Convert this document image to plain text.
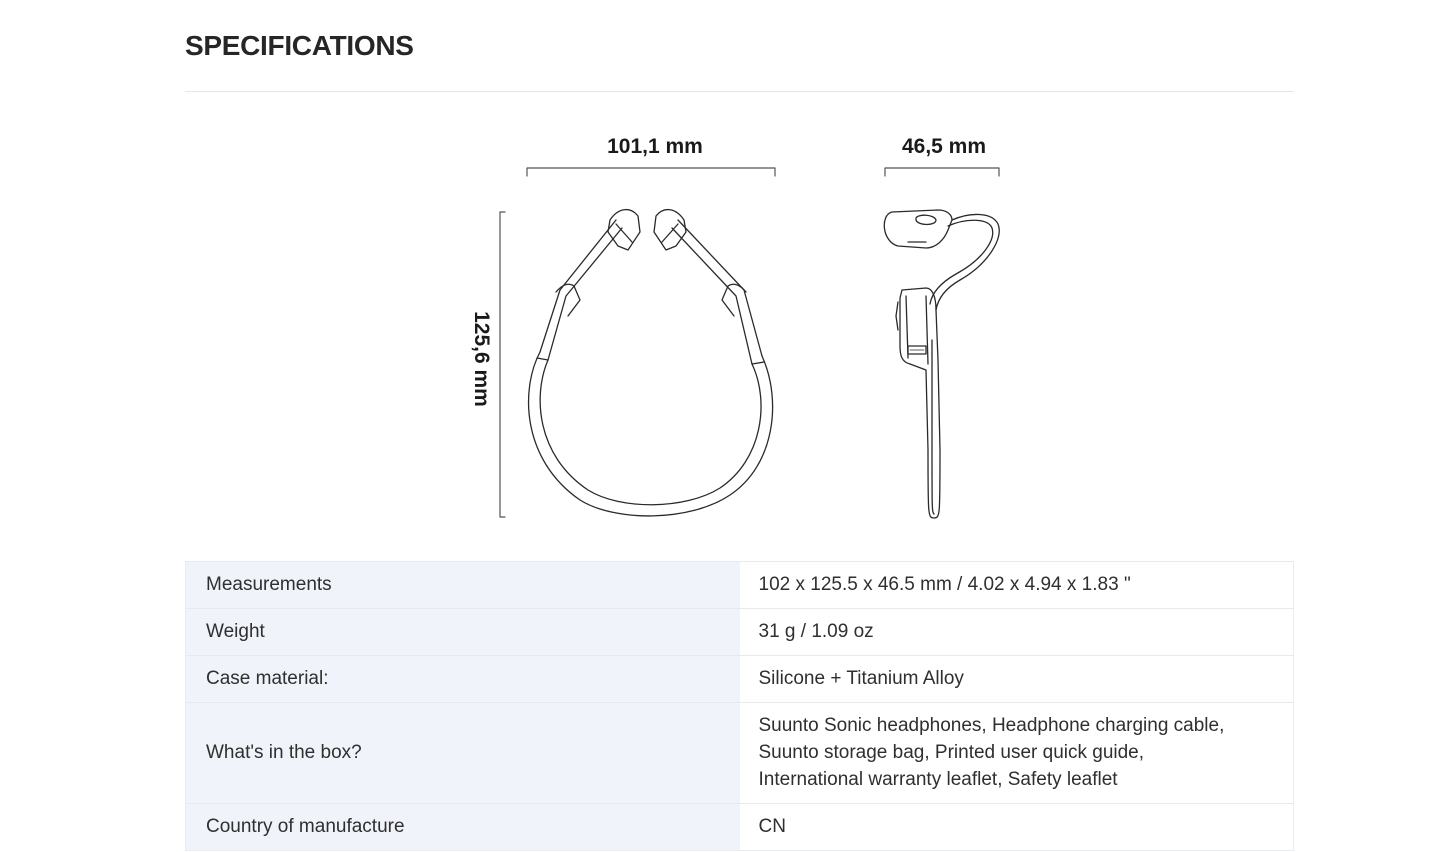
SPECIFICATIONS
101,1 mm	46,5 mm
125,6 mm
Measurements	102 x 125.5 x 46.5 mm / 4.02 x 4.94 x 1.83 "
Weight	31 g / 1.09 oz
Case material:	Silicone + Titanium Alloy
What's in the box?	Suunto Sonic headphones, Headphone charging cable, Suunto storage bag, Printed user quick guide, International warranty leaflet, Safety leaflet
Country of manufacture	CN
